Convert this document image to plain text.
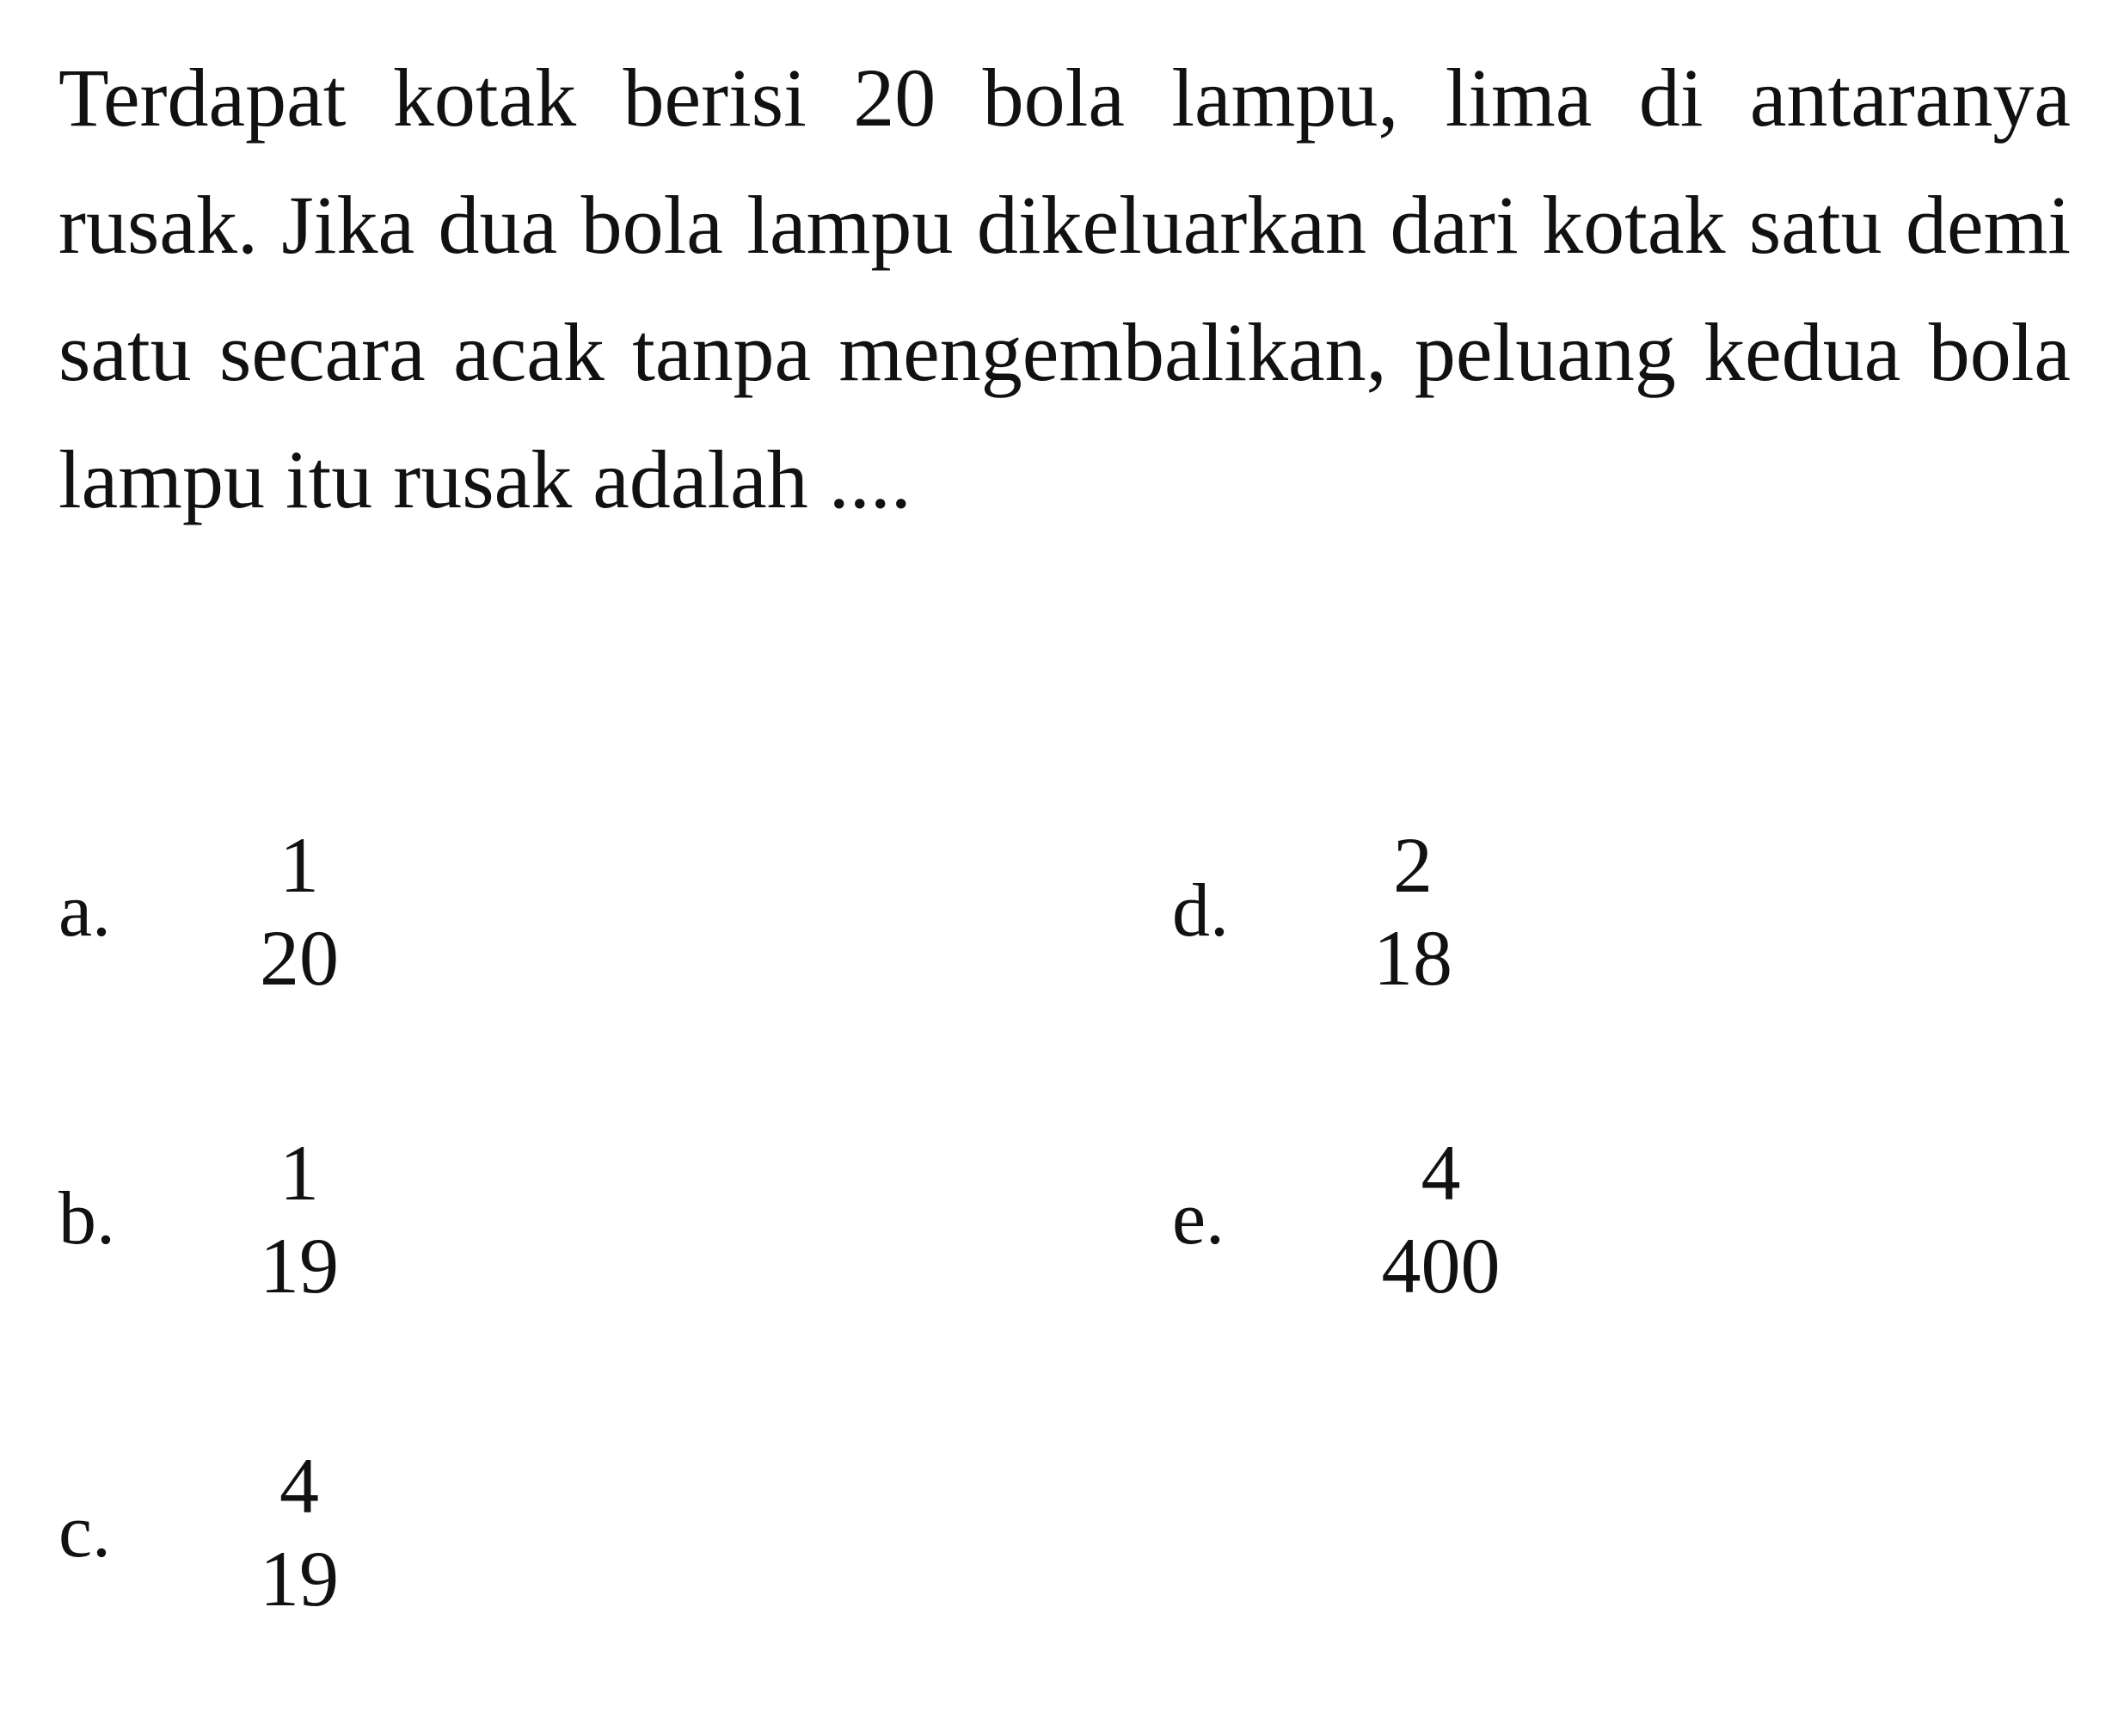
Terdapat kotak berisi 20 bola lampu, lima di antaranya rusak. Jika dua bola lampu dikeluarkan dari kotak satu demi satu secara acak tanpa mengembalikan, peluang kedua bola lampu itu rusak adalah ....

a.
1
20
b.
1
19
c.
4
19
d.
2
18
e.
4
400
